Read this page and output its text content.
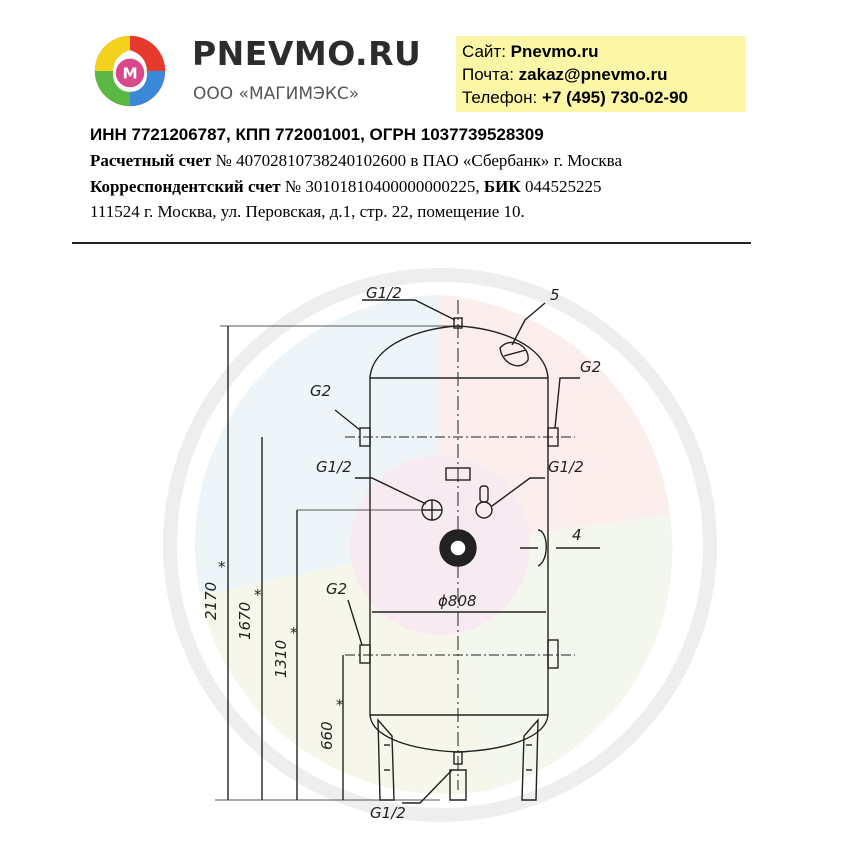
M
PNEVMO.RU
ООО «МАГИМЭКС»
Сайт: Pnevmo.ru
Почта: zakaz@pnevmo.ru
Телефон: +7 (495) 730-02-90
ИНН 7721206787, КПП 772001001, ОГРН 1037739528309
Расчетный счет № 40702810738240102600 в ПАО «Сбербанк» г. Москва
Корреспондентский счет № 30101810400000000225, БИК 044525225
111524 г. Москва, ул. Перовская, д.1, стр. 22, помещение 10.
G1/2	5
G2
G2
G1/2	G1/2
4
G2
ϕ808
G1/2
2170
1670
1310
660
*
*
*
*
